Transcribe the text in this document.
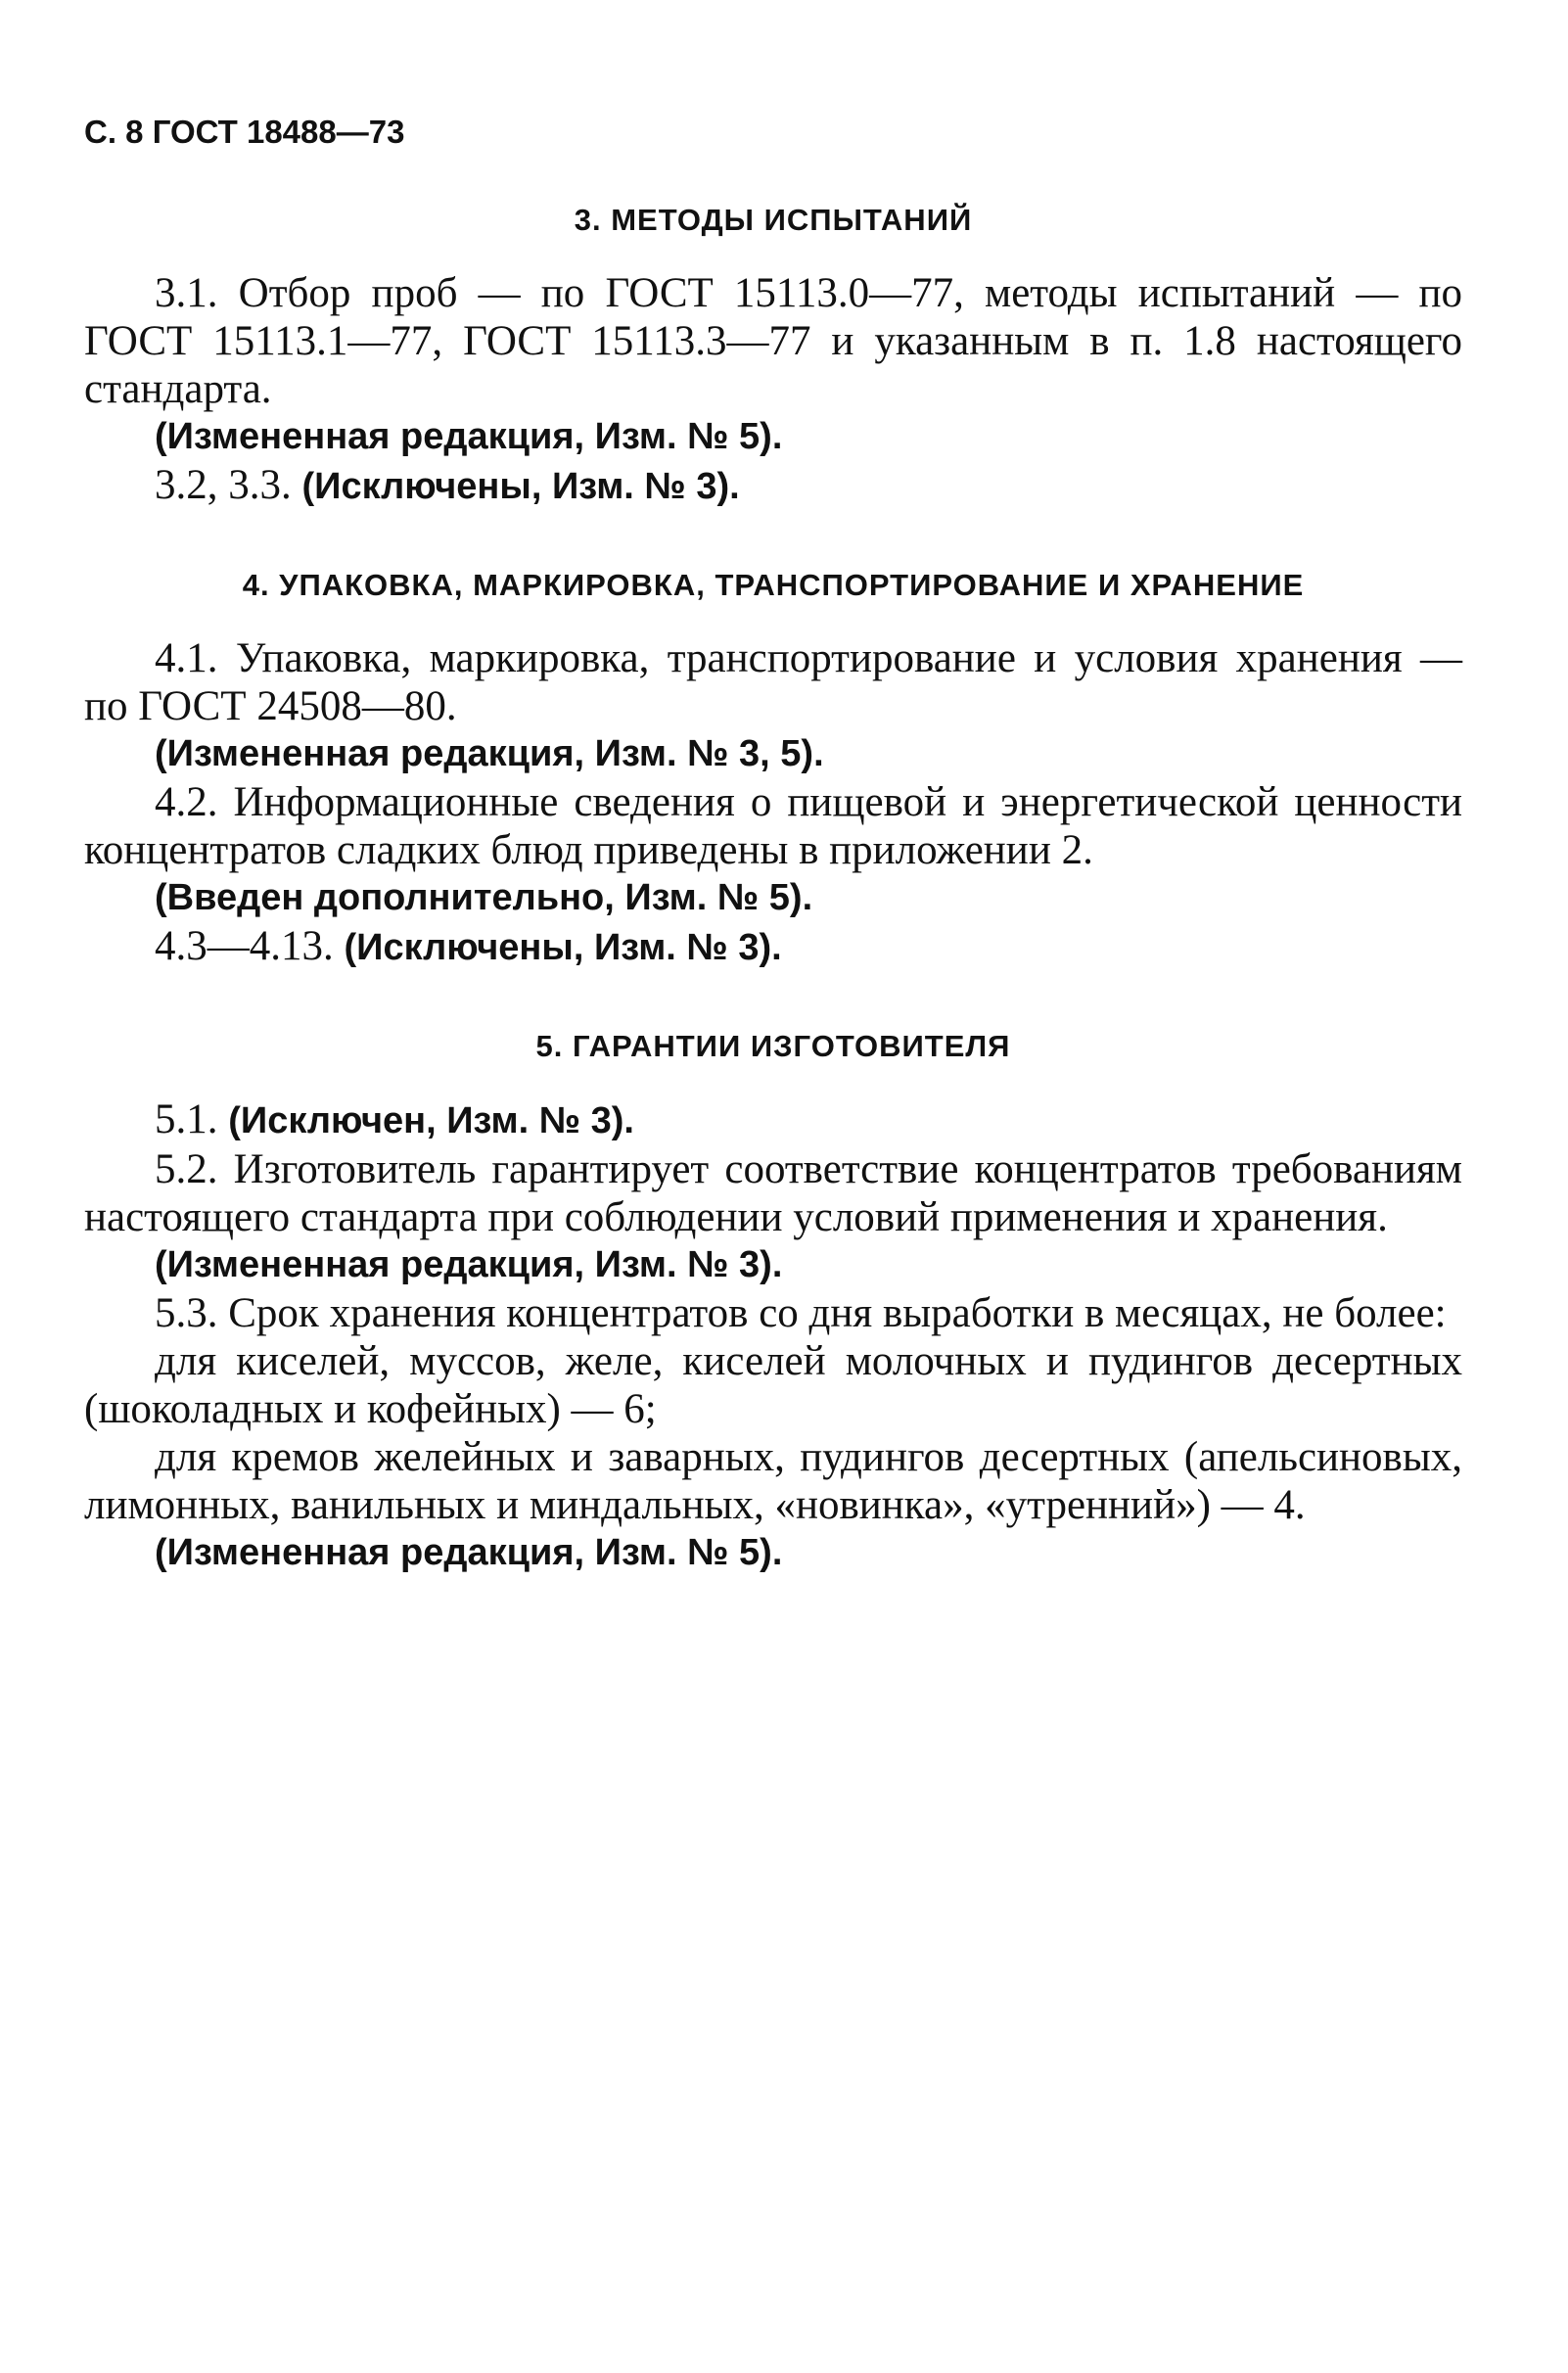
С. 8 ГОСТ 18488—73
3. МЕТОДЫ ИСПЫТАНИЙ

3.1. Отбор проб — по ГОСТ 15113.0—77, методы испытаний — по ГОСТ 15113.1—77, ГОСТ 15113.3—77 и указанным в п. 1.8 настоящего стандарта.

(Измененная редакция, Изм. № 5).

3.2, 3.3. (Исключены, Изм. № 3).

4. УПАКОВКА, МАРКИРОВКА, ТРАНСПОРТИРОВАНИЕ И ХРАНЕНИЕ

4.1. Упаковка, маркировка, транспортирование и условия хранения — по ГОСТ 24508—80.

(Измененная редакция, Изм. № 3, 5).

4.2. Информационные сведения о пищевой и энергетической ценности концентратов сладких блюд приведены в приложении 2.

(Введен дополнительно, Изм. № 5).

4.3—4.13. (Исключены, Изм. № 3).

5. ГАРАНТИИ ИЗГОТОВИТЕЛЯ

5.1. (Исключен, Изм. № 3).

5.2. Изготовитель гарантирует соответствие концентратов требованиям настоящего стандарта при соблюдении условий применения и хранения.

(Измененная редакция, Изм. № 3).

5.3. Срок хранения концентратов со дня выработки в месяцах, не более:

для киселей, муссов, желе, киселей молочных и пудингов десертных (шоколадных и кофейных) — 6;

для кремов желейных и заварных, пудингов десертных (апельсиновых, лимонных, ванильных и миндальных, «новинка», «утренний») — 4.

(Измененная редакция, Изм. № 5).
